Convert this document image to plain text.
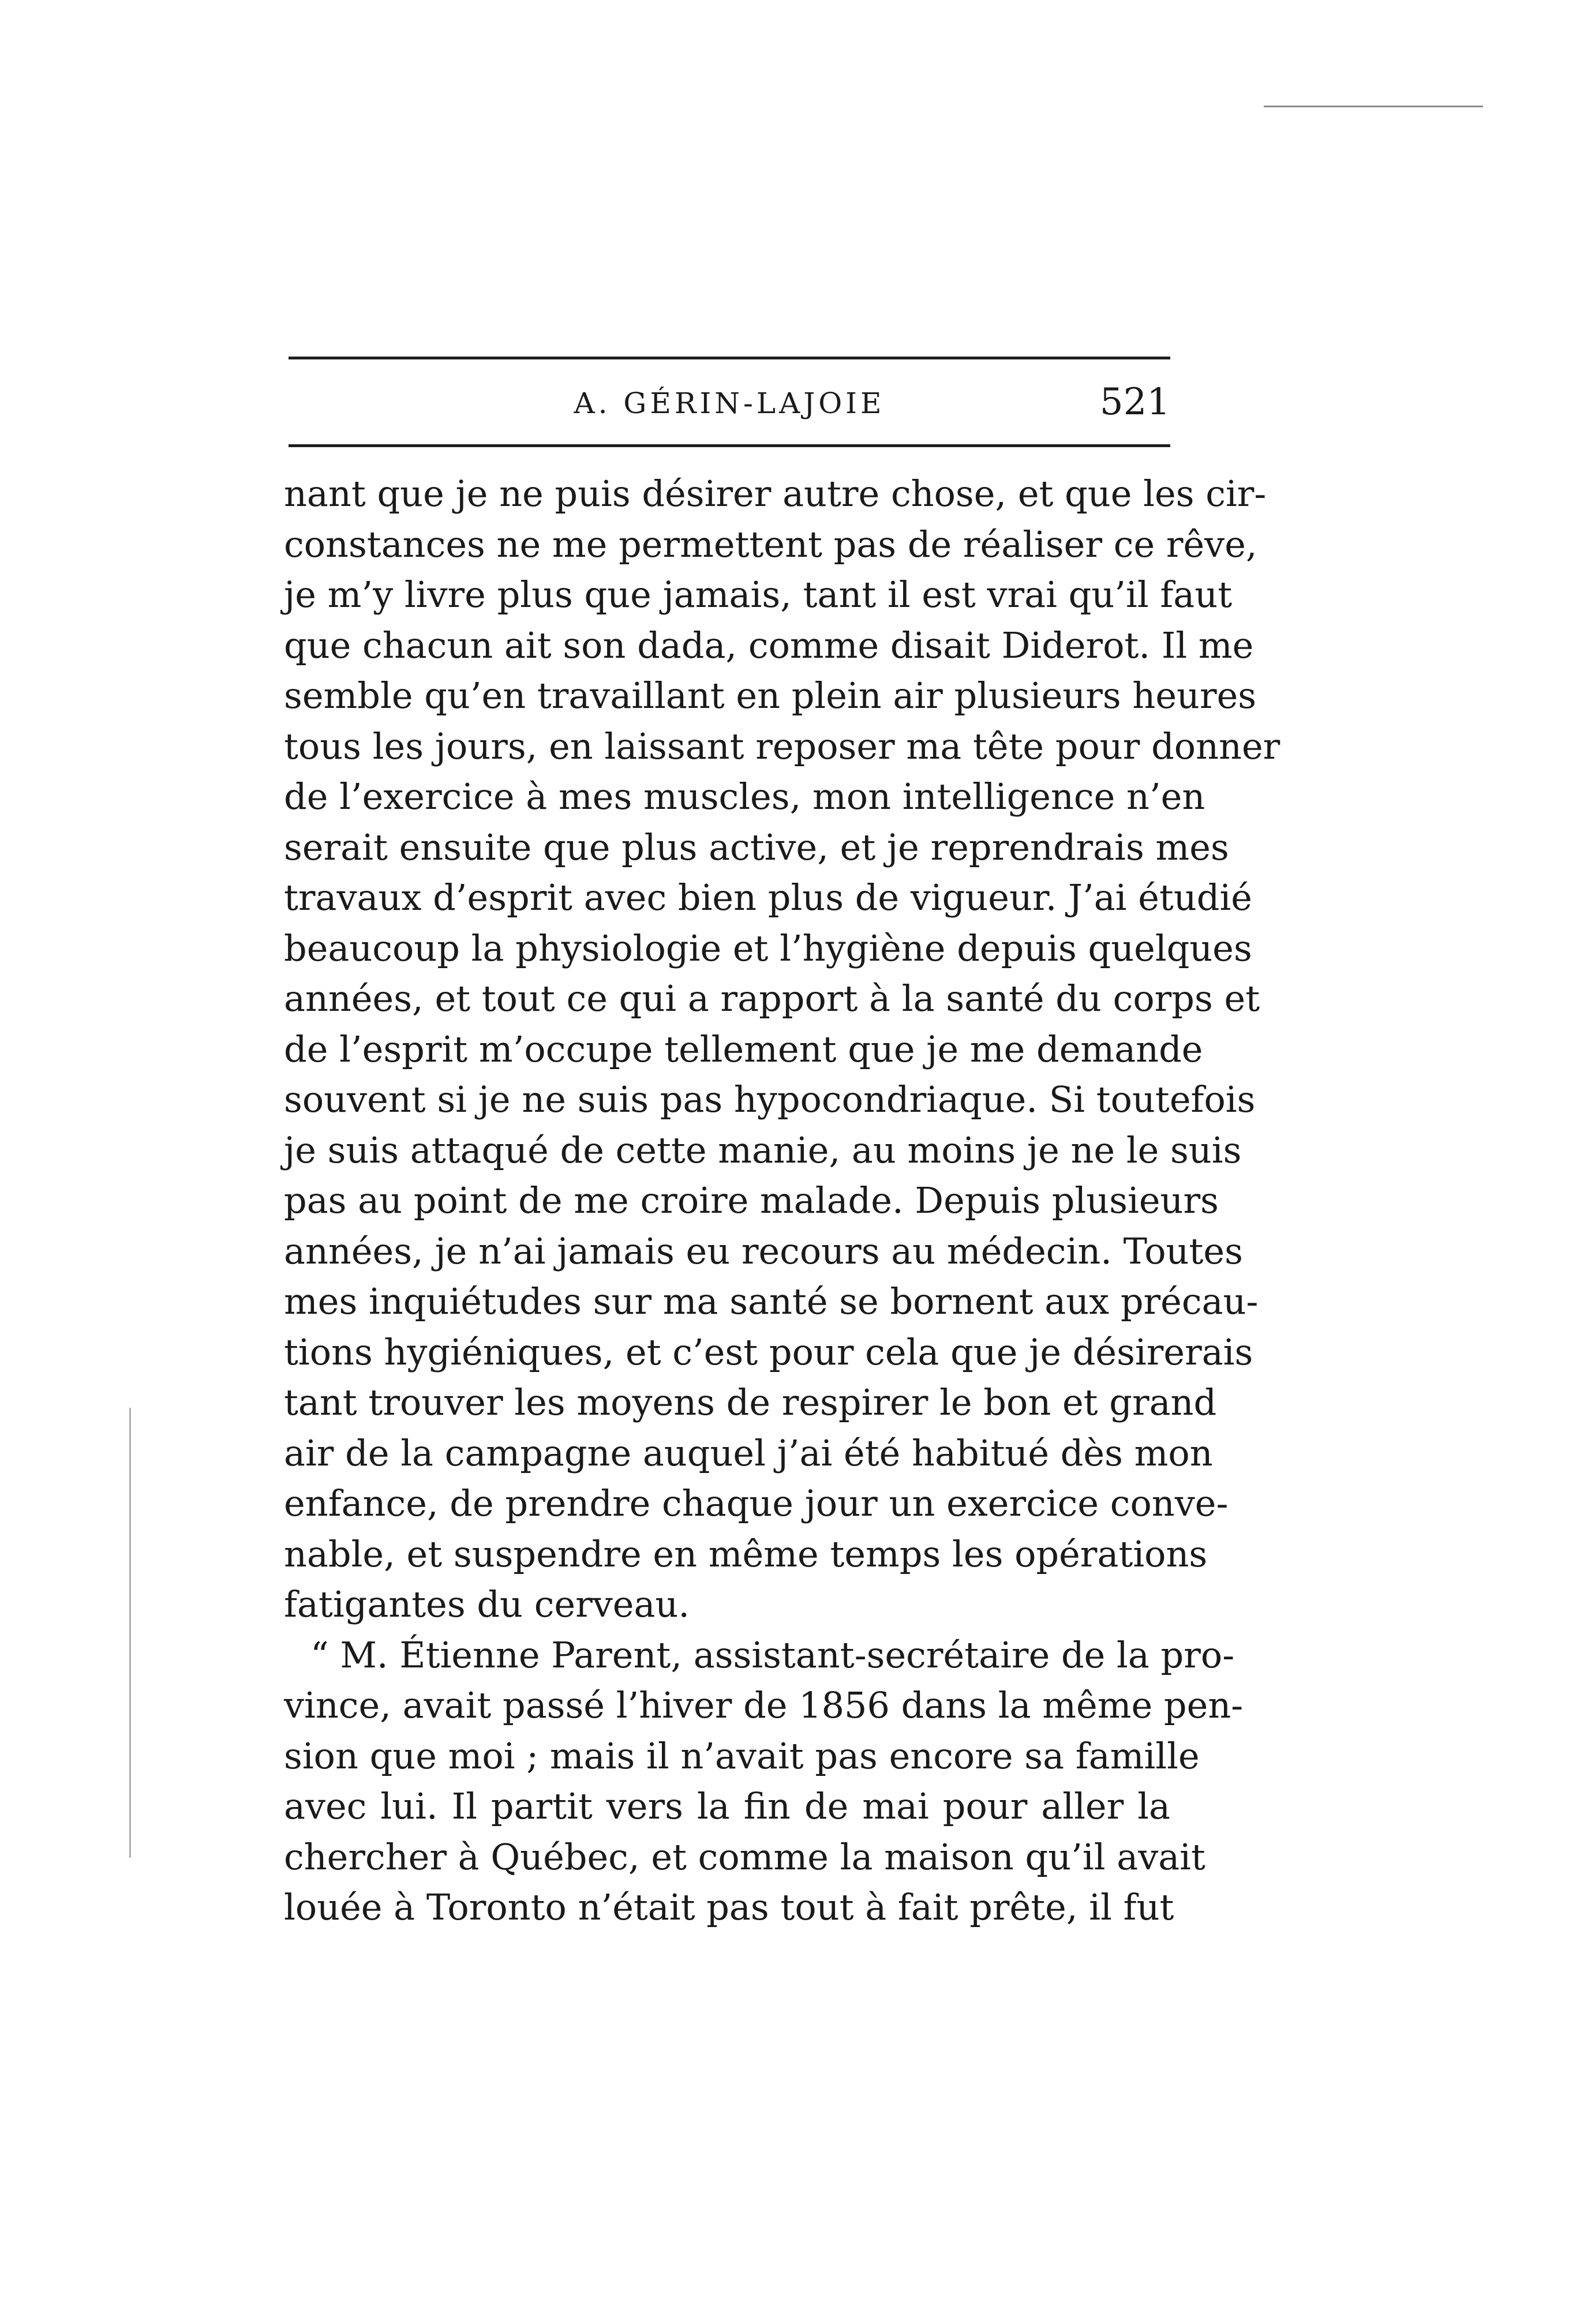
A. GÉRIN-LAJOIE	521
nant que je ne puis désirer autre chose, et que les cir-
constances ne me permettent pas de réaliser ce rêve,
je m’y livre plus que jamais, tant il est vrai qu’il faut
que chacun ait son dada, comme disait Diderot. Il me
semble qu’en travaillant en plein air plusieurs heures
tous les jours, en laissant reposer ma tête pour donner
de l’exercice à mes muscles, mon intelligence n’en
serait ensuite que plus active, et je reprendrais mes
travaux d’esprit avec bien plus de vigueur. J’ai étudié
beaucoup la physiologie et l’hygiène depuis quelques
années, et tout ce qui a rapport à la santé du corps et
de l’esprit m’occupe tellement que je me demande
souvent si je ne suis pas hypocondriaque. Si toutefois
je suis attaqué de cette manie, au moins je ne le suis
pas au point de me croire malade. Depuis plusieurs
années, je n’ai jamais eu recours au médecin. Toutes
mes inquiétudes sur ma santé se bornent aux précau-
tions hygiéniques, et c’est pour cela que je désirerais
tant trouver les moyens de respirer le bon et grand
air de la campagne auquel j’ai été habitué dès mon
enfance, de prendre chaque jour un exercice conve-
nable, et suspendre en même temps les opérations
fatigantes du cerveau.
“ M. Étienne Parent, assistant-secrétaire de la pro-
vince, avait passé l’hiver de 1856 dans la même pen-
sion que moi ; mais il n’avait pas encore sa famille
avec lui. Il partit vers la fin de mai pour aller la
chercher à Québec, et comme la maison qu’il avait
louée à Toronto n’était pas tout à fait prête, il fut
